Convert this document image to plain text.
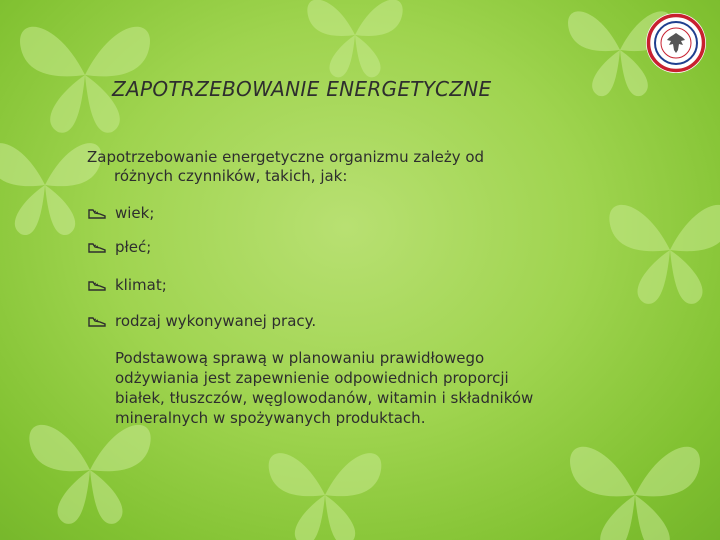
ZAPOTRZEBOWANIE ENERGETYCZNE
Zapotrzebowanie energetyczne organizmu zależy od
różnych czynników, takich, jak:
wiek;
płeć;
klimat;
rodzaj wykonywanej pracy.
Podstawową sprawą w planowaniu prawidłowego
odżywiania jest zapewnienie odpowiednich proporcji
białek, tłuszczów, węglowodanów, witamin i składników
mineralnych w spożywanych produktach.
